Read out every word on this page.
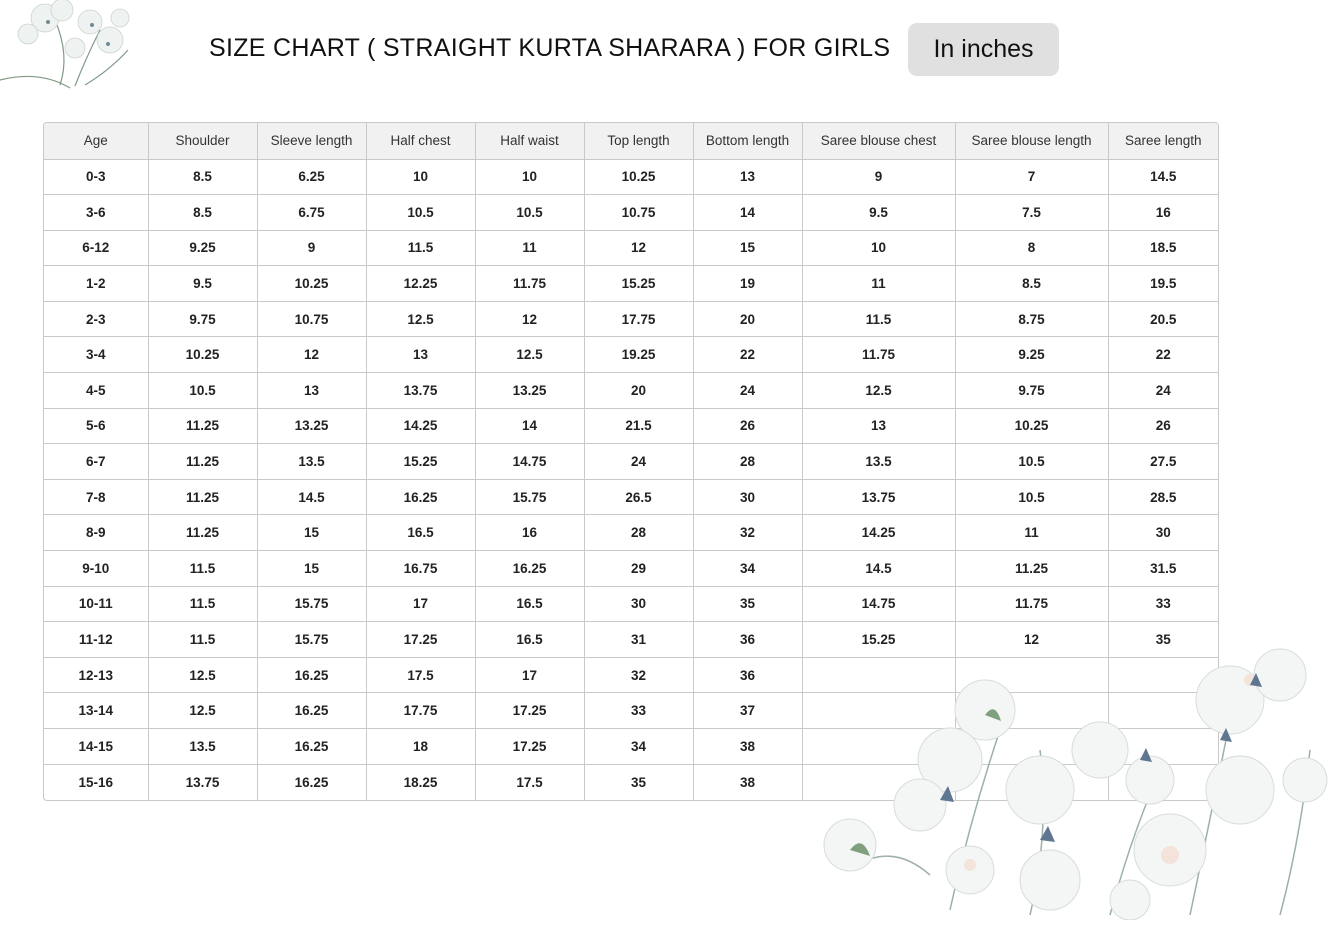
SIZE CHART ( STRAIGHT KURTA SHARARA ) FOR GIRLS	In inches
Age	Shoulder	Sleeve length	Half chest	Half waist	Top length	Bottom length	Saree blouse chest	Saree blouse length	Saree length
0-3	8.5	6.25	10	10	10.25	13	9	7	14.5
3-6	8.5	6.75	10.5	10.5	10.75	14	9.5	7.5	16
6-12	9.25	9	11.5	11	12	15	10	8	18.5
1-2	9.5	10.25	12.25	11.75	15.25	19	11	8.5	19.5
2-3	9.75	10.75	12.5	12	17.75	20	11.5	8.75	20.5
3-4	10.25	12	13	12.5	19.25	22	11.75	9.25	22
4-5	10.5	13	13.75	13.25	20	24	12.5	9.75	24
5-6	11.25	13.25	14.25	14	21.5	26	13	10.25	26
6-7	11.25	13.5	15.25	14.75	24	28	13.5	10.5	27.5
7-8	11.25	14.5	16.25	15.75	26.5	30	13.75	10.5	28.5
8-9	11.25	15	16.5	16	28	32	14.25	11	30
9-10	11.5	15	16.75	16.25	29	34	14.5	11.25	31.5
10-11	11.5	15.75	17	16.5	30	35	14.75	11.75	33
11-12	11.5	15.75	17.25	16.5	31	36	15.25	12	35
12-13	12.5	16.25	17.5	17	32	36			
13-14	12.5	16.25	17.75	17.25	33	37			
14-15	13.5	16.25	18	17.25	34	38			
15-16	13.75	16.25	18.25	17.5	35	38			
